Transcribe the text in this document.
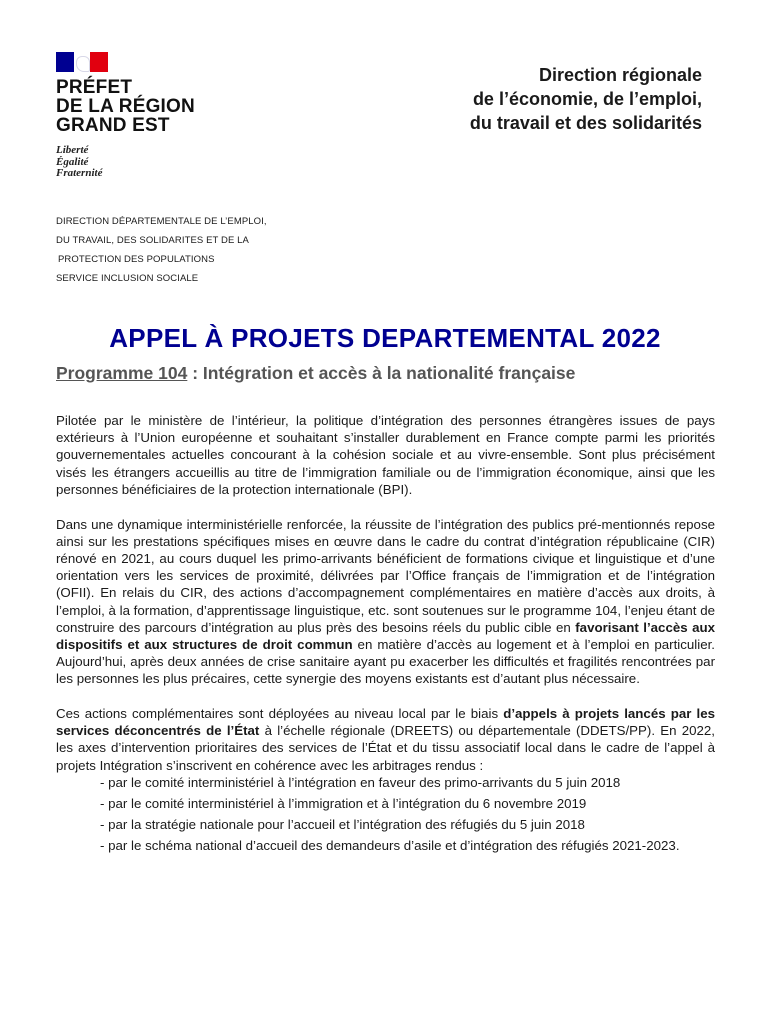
PRÉFET
DE LA RÉGION
GRAND EST
Liberté
Égalité
Fraternité
Direction régionale
de l’économie, de l’emploi,
du travail et des solidarités
DIRECTION DÉPARTEMENTALE DE L’EMPLOI,
DU TRAVAIL, DES SOLIDARITES ET DE LA
PROTECTION DES POPULATIONS
SERVICE INCLUSION SOCIALE
APPEL À PROJETS DEPARTEMENTAL 2022
Programme 104 : Intégration et accès à la nationalité française

Pilotée par le ministère de l’intérieur, la politique d’intégration des personnes étrangères issues de pays extérieurs à l’Union européenne et souhaitant s’installer durablement en France compte parmi les priorités gouvernementales actuelles concourant à la cohésion sociale et au vivre-ensemble. Sont plus précisément visés les étrangers accueillis au titre de l’immigration familiale ou de l’immigration économique, ainsi que les personnes bénéficiaires de la protection internationale (BPI).

Dans une dynamique interministérielle renforcée, la réussite de l’intégration des publics pré-mentionnés repose ainsi sur les prestations spécifiques mises en œuvre dans le cadre du contrat d’intégration républicaine (CIR) rénové en 2021, au cours duquel les primo-arrivants bénéficient de formations civique et linguistique et d’une orientation vers les services de proximité, délivrées par l’Office français de l’immigration et de l’intégration (OFII). En relais du CIR, des actions d’accompagnement complémentaires en matière d’accès aux droits, à l’emploi, à la formation, d’apprentissage linguistique, etc. sont soutenues sur le programme 104, l’enjeu étant de construire des parcours d’intégration au plus près des besoins réels du public cible en favorisant l’accès aux dispositifs et aux structures de droit commun en matière d’accès au logement et à l’emploi en particulier. Aujourd’hui, après deux années de crise sanitaire ayant pu exacerber les difficultés et fragilités rencontrées par les personnes les plus précaires, cette synergie des moyens existants est d’autant plus nécessaire.

Ces actions complémentaires sont déployées au niveau local par le biais d’appels à projets lancés par les services déconcentrés de l’État à l’échelle régionale (DREETS) ou départementale (DDETS/PP). En 2022, les axes d’intervention prioritaires des services de l’État et du tissu associatif local dans le cadre de l’appel à projets Intégration s’inscrivent en cohérence avec les arbitrages rendus :

- par le comité interministériel à l’intégration en faveur des primo-arrivants du 5 juin 2018
- par le comité interministériel à l’immigration et à l’intégration du 6 novembre 2019
- par la stratégie nationale pour l’accueil et l’intégration des réfugiés du 5 juin 2018
- par le schéma national d’accueil des demandeurs d’asile et d’intégration des réfugiés 2021-2023.
